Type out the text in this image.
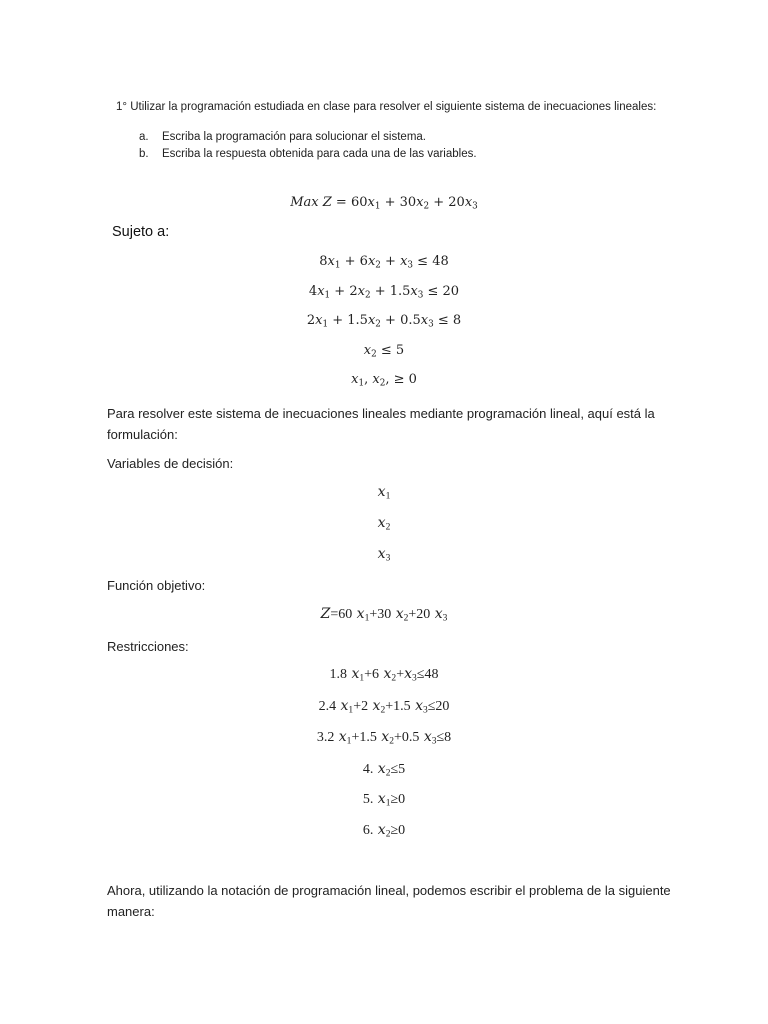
1° Utilizar la programación estudiada en clase para resolver el siguiente sistema de inecuaciones lineales:
a. Escriba la programación para solucionar el sistema.
b. Escriba la respuesta obtenida para cada una de las variables.
Max $Z = 60x_1 + 30x_2 + 20x_3$
Sujeto a:
$8x_1 + 6x_2 + x_3 \le 48$
$4x_1 + 2x_2 + 1.5x_3 \le 20$
$2x_1 + 1.5x_2 + 0.5x_3 \le 8$
$x_2 \le 5$
$x_1$, $x_2$, ≥ 0
Para resolver este sistema de inecuaciones lineales mediante programación lineal, aquí está la
formulación:
Variables de decisión:
$x_1$
$x_2$
$x_3$
Función objetivo:
Z=60 $x_1+30$ $x_2+20$ $x_3$
Restricciones:
1.8 $x_1+6$ $x_2+x_3\le 48$
2.4 $x_1+2$ $x_2+1.5$ $x_3\le 20$
3.2 $x_1+1.5$ $x_2+0.5$ $x_3\le 8$
4. $x_2\le 5$
5. $x_1\ge 0$
6. $x_2\ge 0$
Ahora, utilizando la notación de programación lineal, podemos escribir el problema de la siguiente
manera:
